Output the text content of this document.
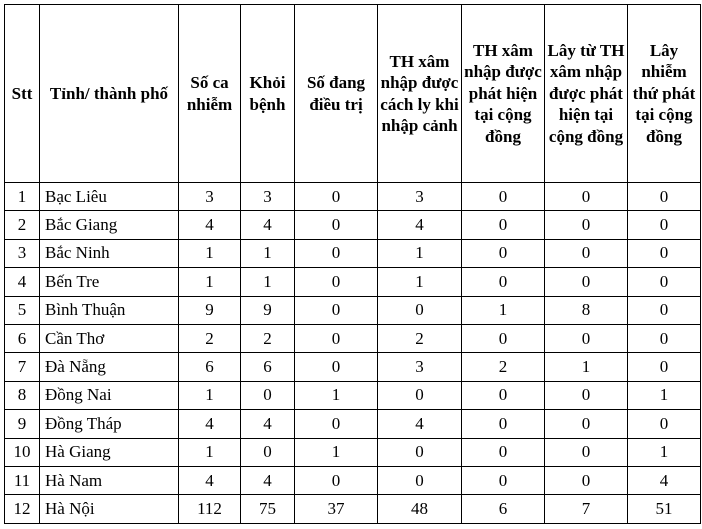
Stt	Tỉnh/ thành phố	Số ca nhiễm	Khỏi bệnh	Số đang điều trị	TH xâm nhập được cách ly khi nhập cảnh	TH xâm nhập được phát hiện tại cộng đồng	Lây từ TH xâm nhập được phát hiện tại cộng đồng	Lây nhiễm thứ phát tại cộng đồng
1	Bạc Liêu	3	3	0	3	0	0	0
2	Bắc Giang	4	4	0	4	0	0	0
3	Bắc Ninh	1	1	0	1	0	0	0
4	Bến Tre	1	1	0	1	0	0	0
5	Bình Thuận	9	9	0	0	1	8	0
6	Cần Thơ	2	2	0	2	0	0	0
7	Đà Nẵng	6	6	0	3	2	1	0
8	Đồng Nai	1	0	1	0	0	0	1
9	Đồng Tháp	4	4	0	4	0	0	0
10	Hà Giang	1	0	1	0	0	0	1
11	Hà Nam	4	4	0	0	0	0	4
12	Hà Nội	112	75	37	48	6	7	51
